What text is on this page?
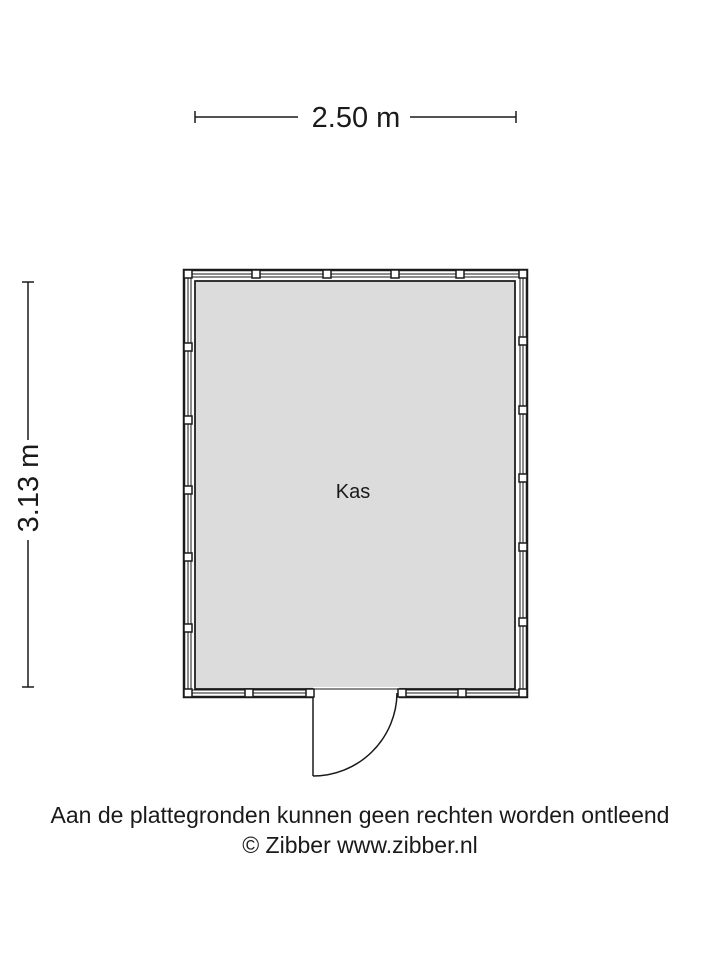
2.50 m
3.13 m	Kas
Aan de plattegronden kunnen geen rechten worden ontleend
© Zibber www.zibber.nl
